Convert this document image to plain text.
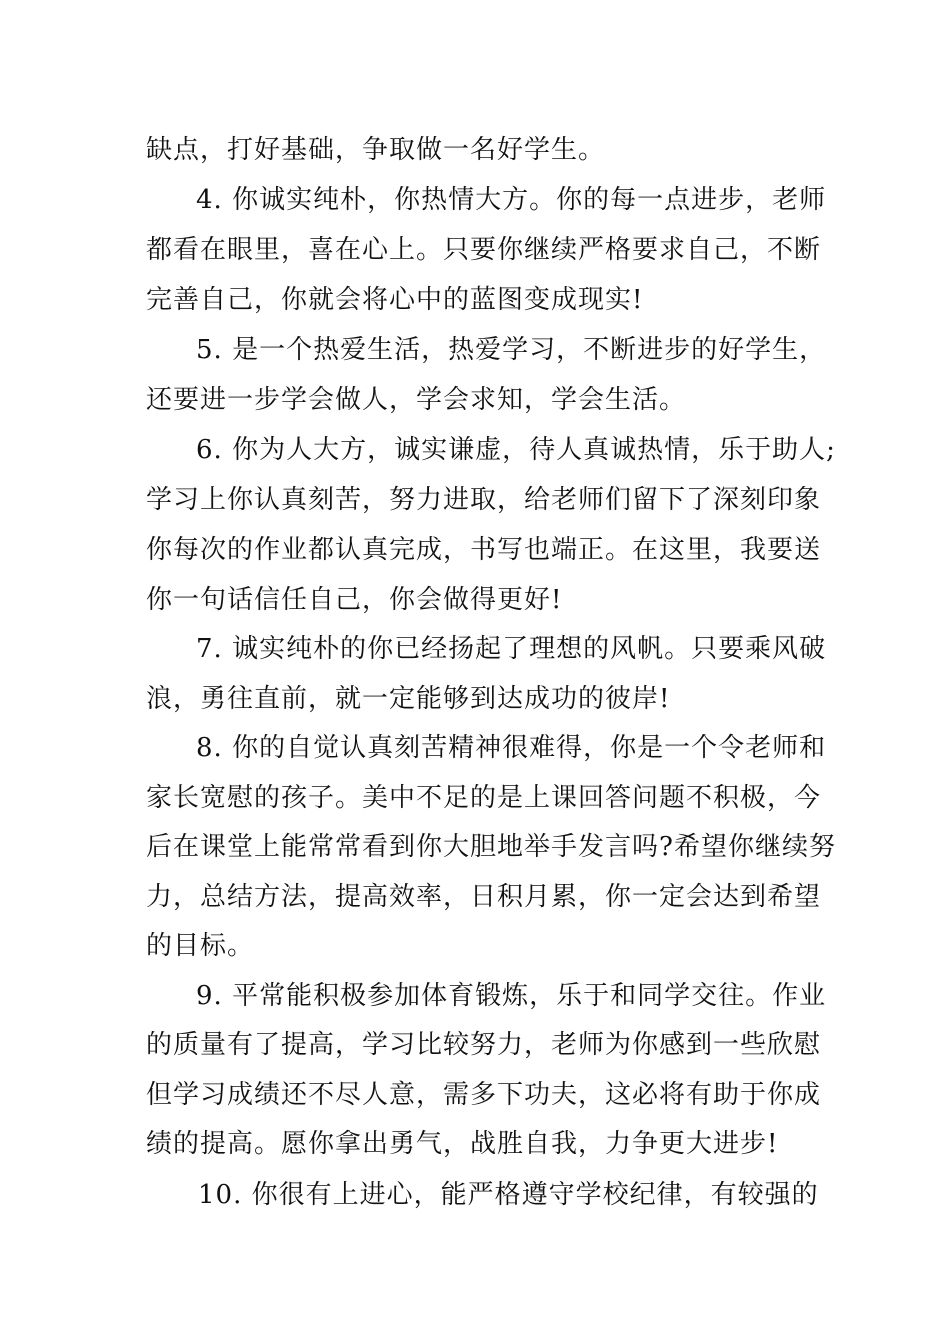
缺点，打好基础，争取做一名好学生。
4. 你诚实纯朴，你热情大方。你的每一点进步，老师
都看在眼里，喜在心上。只要你继续严格要求自己，不断
完善自己，你就会将心中的蓝图变成现实!
5. 是一个热爱生活，热爱学习，不断进步的好学生，
还要进一步学会做人，学会求知，学会生活。
6. 你为人大方，诚实谦虚，待人真诚热情，乐于助人;
学习上你认真刻苦，努力进取，给老师们留下了深刻印象
你每次的作业都认真完成，书写也端正。在这里，我要送
你一句话信任自己，你会做得更好!
7. 诚实纯朴的你已经扬起了理想的风帆。只要乘风破
浪，勇往直前，就一定能够到达成功的彼岸!
8. 你的自觉认真刻苦精神很难得，你是一个令老师和
家长宽慰的孩子。美中不足的是上课回答问题不积极，今
后在课堂上能常常看到你大胆地举手发言吗?希望你继续努
力，总结方法，提高效率，日积月累，你一定会达到希望
的目标。
9. 平常能积极参加体育锻炼，乐于和同学交往。作业
的质量有了提高，学习比较努力，老师为你感到一些欣慰
但学习成绩还不尽人意，需多下功夫，这必将有助于你成
绩的提高。愿你拿出勇气，战胜自我，力争更大进步!
10. 你很有上进心，能严格遵守学校纪律，有较强的
